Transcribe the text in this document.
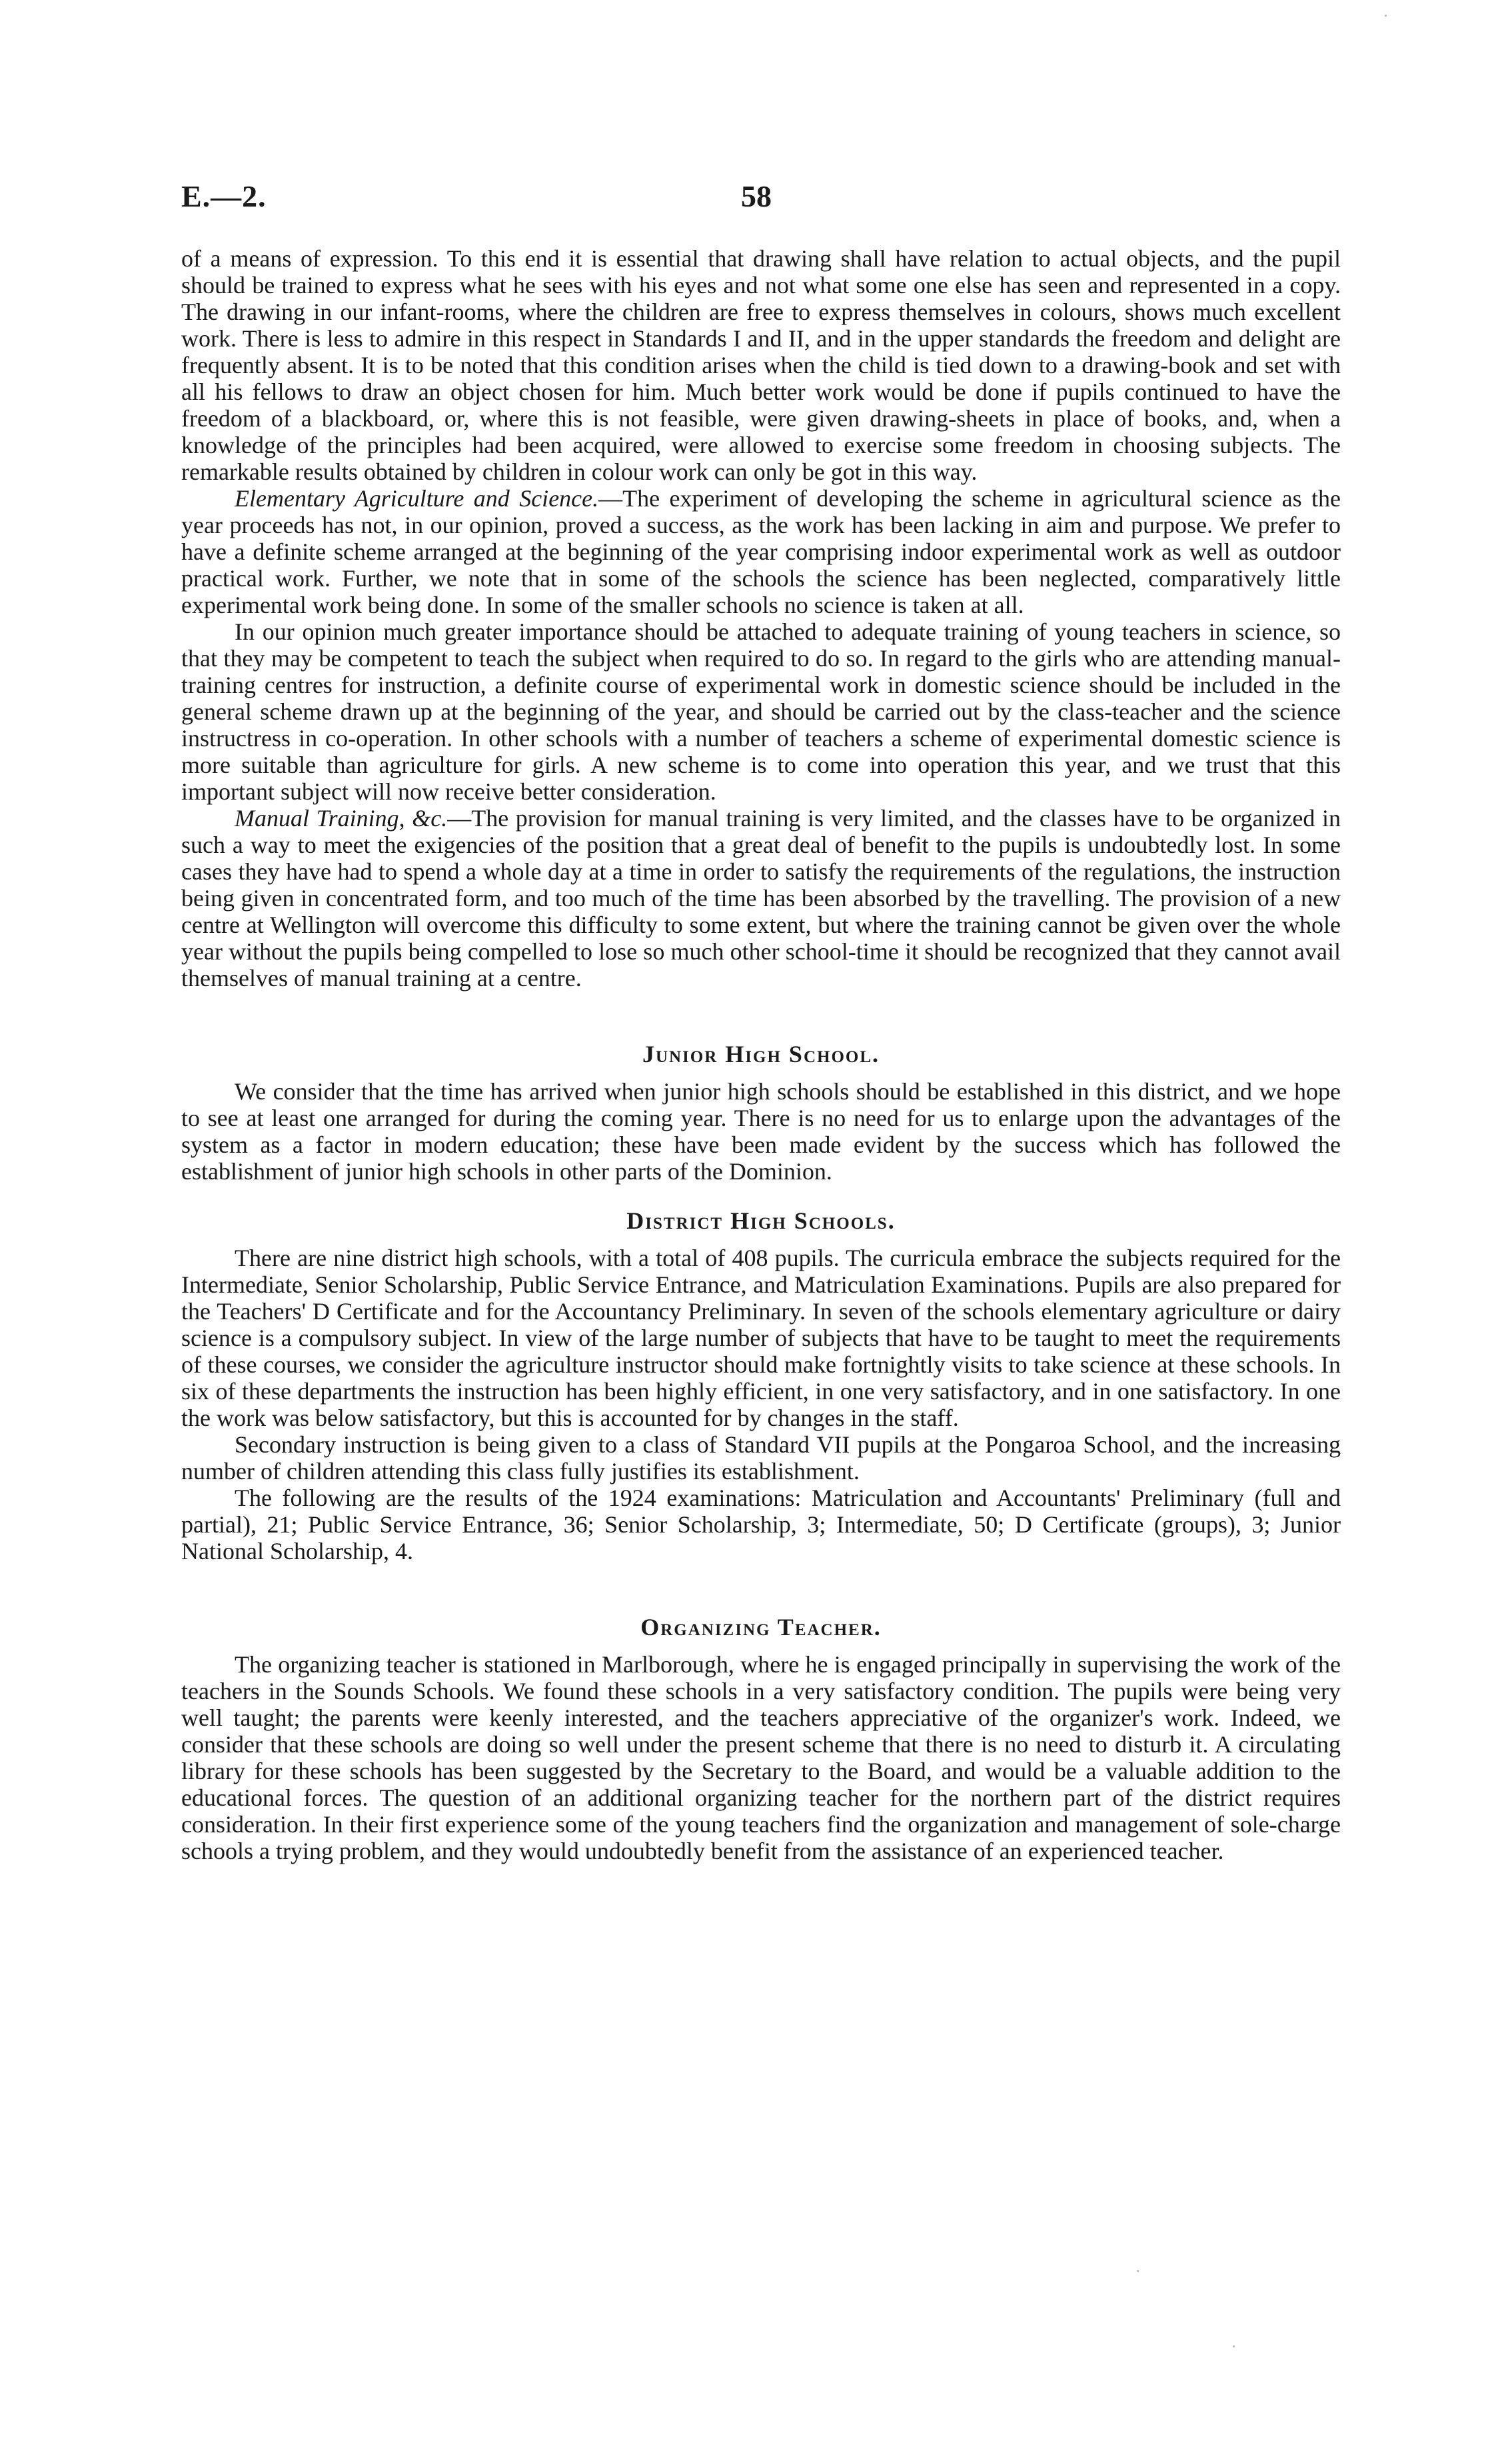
E.—2.	58

of a means of expression. To this end it is essential that drawing shall have relation to actual objects, and the pupil should be trained to express what he sees with his eyes and not what some one else has seen and represented in a copy. The drawing in our infant-rooms, where the children are free to express themselves in colours, shows much excellent work. There is less to admire in this respect in Standards I and II, and in the upper standards the freedom and delight are frequently absent. It is to be noted that this condition arises when the child is tied down to a drawing-book and set with all his fellows to draw an object chosen for him. Much better work would be done if pupils continued to have the freedom of a blackboard, or, where this is not feasible, were given drawing-sheets in place of books, and, when a knowledge of the principles had been acquired, were allowed to exercise some freedom in choosing subjects. The remarkable results obtained by children in colour work can only be got in this way.

Elementary Agriculture and Science.—The experiment of developing the scheme in agricultural science as the year proceeds has not, in our opinion, proved a success, as the work has been lacking in aim and purpose. We prefer to have a definite scheme arranged at the beginning of the year comprising indoor experimental work as well as outdoor practical work. Further, we note that in some of the schools the science has been neglected, comparatively little experimental work being done. In some of the smaller schools no science is taken at all.

In our opinion much greater importance should be attached to adequate training of young teachers in science, so that they may be competent to teach the subject when required to do so. In regard to the girls who are attending manual-training centres for instruction, a definite course of experimental work in domestic science should be included in the general scheme drawn up at the beginning of the year, and should be carried out by the class-teacher and the science instructress in co-operation. In other schools with a number of teachers a scheme of experimental domestic science is more suitable than agriculture for girls. A new scheme is to come into operation this year, and we trust that this important subject will now receive better consideration.

Manual Training, &c.—The provision for manual training is very limited, and the classes have to be organized in such a way to meet the exigencies of the position that a great deal of benefit to the pupils is undoubtedly lost. In some cases they have had to spend a whole day at a time in order to satisfy the requirements of the regulations, the instruction being given in concentrated form, and too much of the time has been absorbed by the travelling. The provision of a new centre at Wellington will overcome this difficulty to some extent, but where the training cannot be given over the whole year without the pupils being compelled to lose so much other school-time it should be recognized that they cannot avail themselves of manual training at a centre.

Junior High School.

We consider that the time has arrived when junior high schools should be established in this district, and we hope to see at least one arranged for during the coming year. There is no need for us to enlarge upon the advantages of the system as a factor in modern education; these have been made evident by the success which has followed the establishment of junior high schools in other parts of the Dominion.

District High Schools.

There are nine district high schools, with a total of 408 pupils. The curricula embrace the subjects required for the Intermediate, Senior Scholarship, Public Service Entrance, and Matriculation Examinations. Pupils are also prepared for the Teachers' D Certificate and for the Accountancy Preliminary. In seven of the schools elementary agriculture or dairy science is a compulsory subject. In view of the large number of subjects that have to be taught to meet the requirements of these courses, we consider the agriculture instructor should make fortnightly visits to take science at these schools. In six of these departments the instruction has been highly efficient, in one very satisfactory, and in one satisfactory. In one the work was below satisfactory, but this is accounted for by changes in the staff.

Secondary instruction is being given to a class of Standard VII pupils at the Pongaroa School, and the increasing number of children attending this class fully justifies its establishment.

The following are the results of the 1924 examinations: Matriculation and Accountants' Preliminary (full and partial), 21; Public Service Entrance, 36; Senior Scholarship, 3; Intermediate, 50; D Certificate (groups), 3; Junior National Scholarship, 4.

Organizing Teacher.

The organizing teacher is stationed in Marlborough, where he is engaged principally in supervising the work of the teachers in the Sounds Schools. We found these schools in a very satisfactory condition. The pupils were being very well taught; the parents were keenly interested, and the teachers appreciative of the organizer's work. Indeed, we consider that these schools are doing so well under the present scheme that there is no need to disturb it. A circulating library for these schools has been suggested by the Secretary to the Board, and would be a valuable addition to the educational forces. The question of an additional organizing teacher for the northern part of the district requires consideration. In their first experience some of the young teachers find the organization and management of sole-charge schools a trying problem, and they would undoubtedly benefit from the assistance of an experienced teacher.
